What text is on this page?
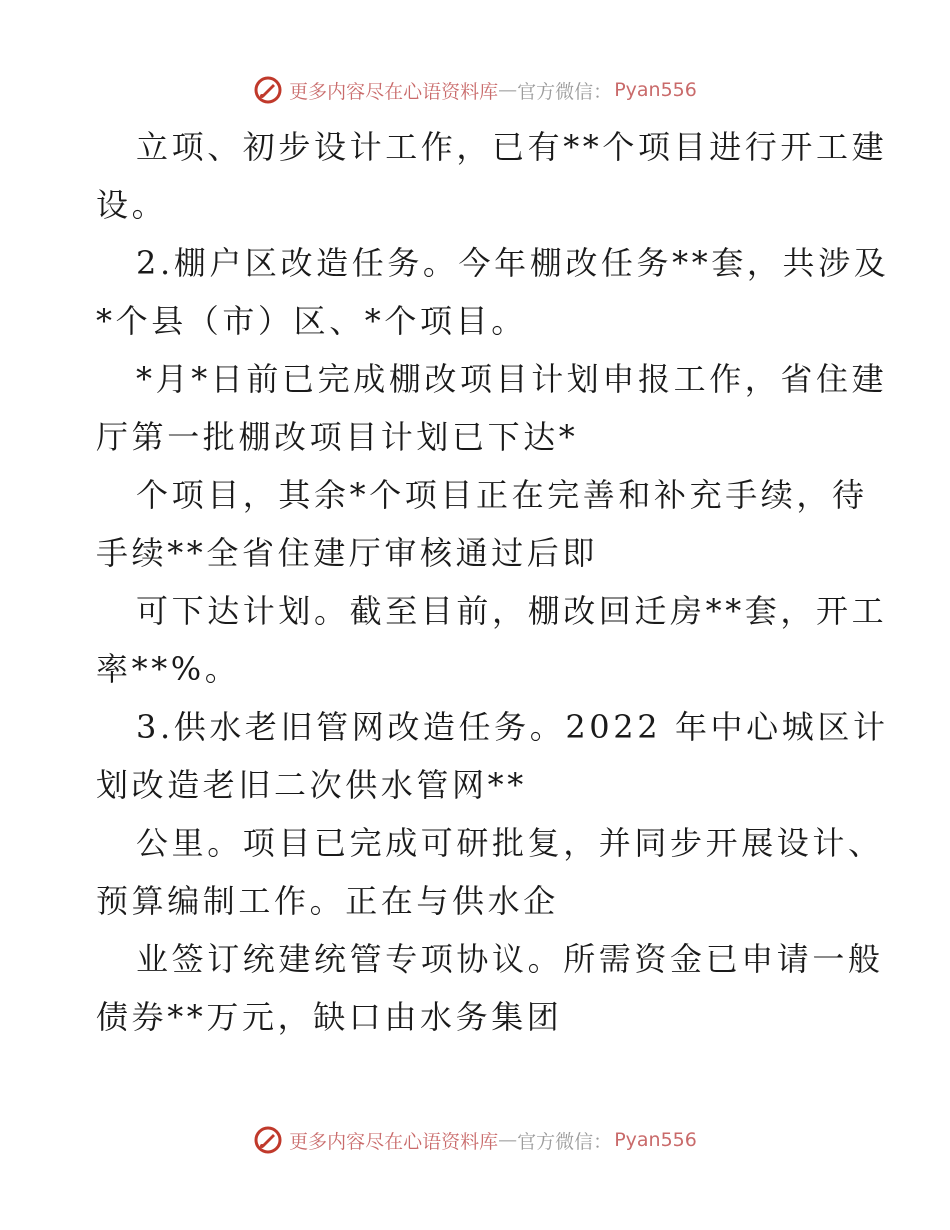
更多内容尽在心语资料库 — 官方微信： Pyan556
立项、初步设计工作，已有**个项目进行开工建
设。
2.棚户区改造任务。今年棚改任务**套，共涉及
*个县（市）区、*个项目。
*月*日前已完成棚改项目计划申报工作，省住建
厅第一批棚改项目计划已下达*
个项目，其余*个项目正在完善和补充手续，待
手续**全省住建厅审核通过后即
可下达计划。截至目前，棚改回迁房**套，开工
率**%。
3.供水老旧管网改造任务。2022 年中心城区计
划改造老旧二次供水管网**
公里。项目已完成可研批复，并同步开展设计、
预算编制工作。正在与供水企
业签订统建统管专项协议。所需资金已申请一般
债券**万元，缺口由水务集团
更多内容尽在心语资料库 — 官方微信： Pyan556
